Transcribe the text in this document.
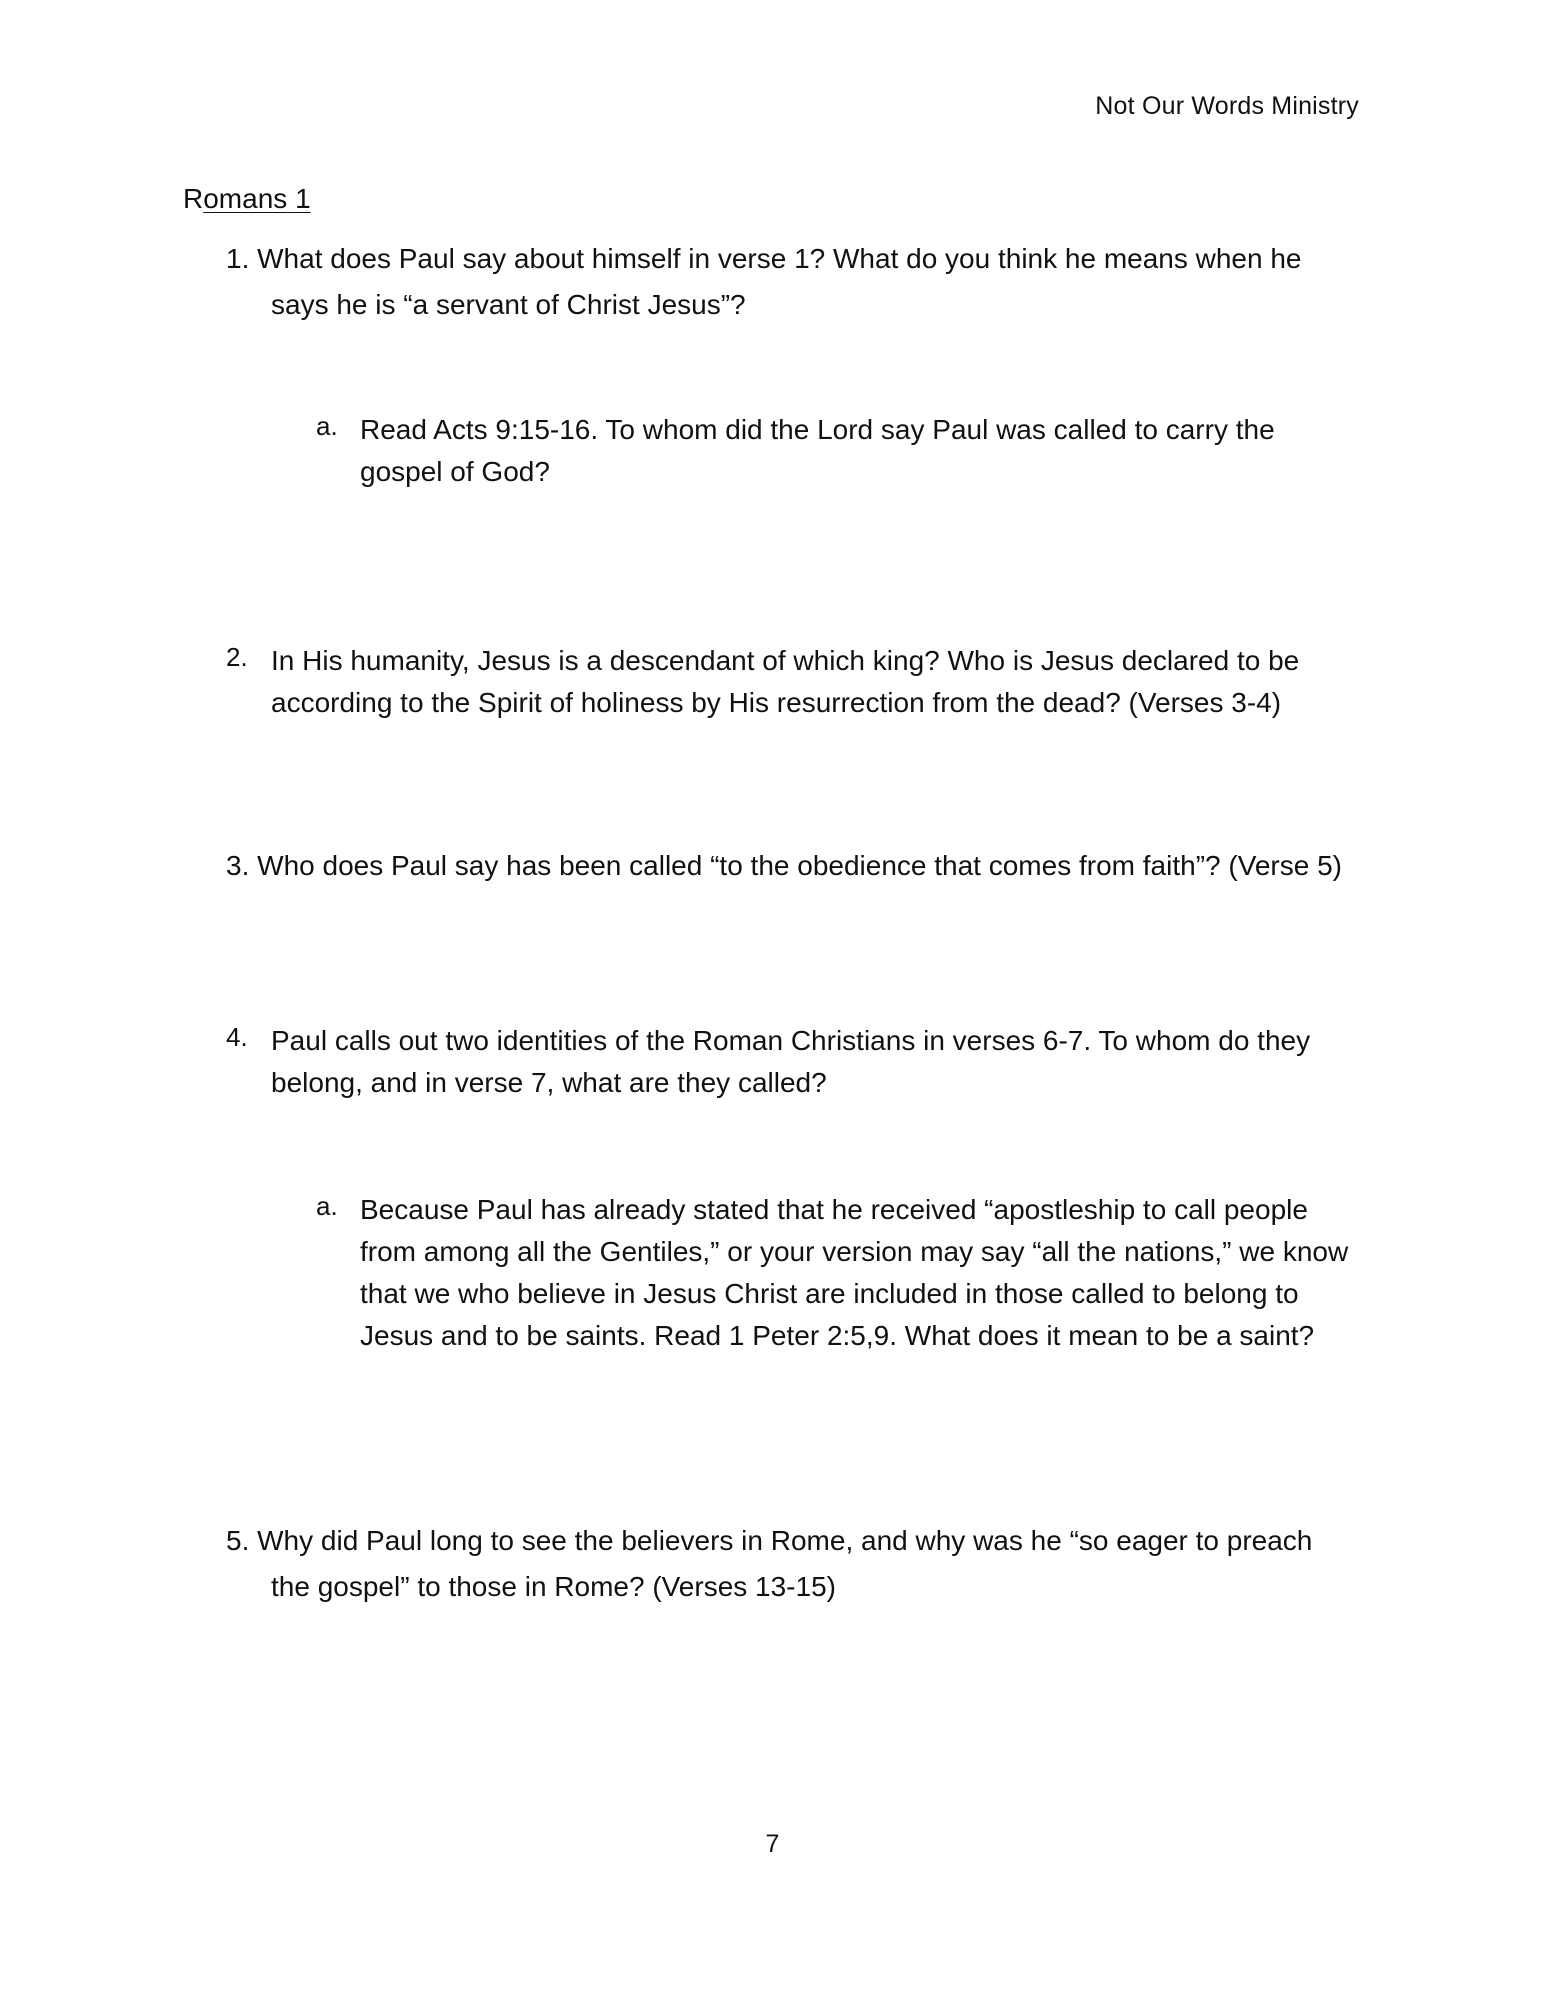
Not Our Words Ministry
Romans 1
1. What does Paul say about himself in verse 1? What do you think he means when he says he is “a servant of Christ Jesus”?
a. Read Acts 9:15-16. To whom did the Lord say Paul was called to carry the gospel of God?
2. In His humanity, Jesus is a descendant of which king? Who is Jesus declared to be according to the Spirit of holiness by His resurrection from the dead? (Verses 3-4)
3. Who does Paul say has been called “to the obedience that comes from faith”? (Verse 5)
4. Paul calls out two identities of the Roman Christians in verses 6-7. To whom do they belong, and in verse 7, what are they called?
a. Because Paul has already stated that he received “apostleship to call people from among all the Gentiles,” or your version may say “all the nations,” we know that we who believe in Jesus Christ are included in those called to belong to Jesus and to be saints. Read 1 Peter 2:5,9. What does it mean to be a saint?
5. Why did Paul long to see the believers in Rome, and why was he “so eager to preach the gospel” to those in Rome? (Verses 13-15)
7
